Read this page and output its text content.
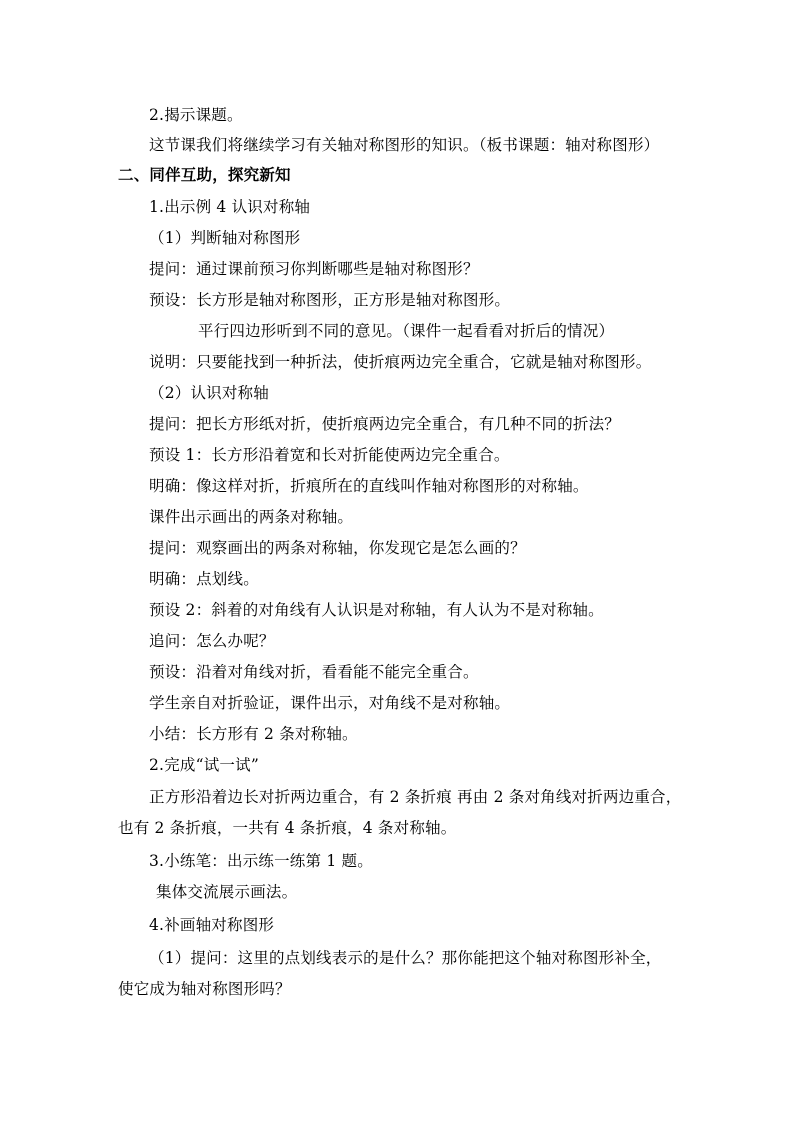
2.揭示课题。
这节课我们将继续学习有关轴对称图形的知识。（板书课题：轴对称图形）
二、同伴互助，探究新知
1.出示例 4 认识对称轴
（1）判断轴对称图形
提问：通过课前预习你判断哪些是轴对称图形？
预设：长方形是轴对称图形，正方形是轴对称图形。
平行四边形听到不同的意见。（课件一起看看对折后的情况）
说明：只要能找到一种折法，使折痕两边完全重合，它就是轴对称图形。
（2）认识对称轴
提问：把长方形纸对折，使折痕两边完全重合，有几种不同的折法？
预设 1：长方形沿着宽和长对折能使两边完全重合。
明确：像这样对折，折痕所在的直线叫作轴对称图形的对称轴。
课件出示画出的两条对称轴。
提问：观察画出的两条对称轴，你发现它是怎么画的？
明确：点划线。
预设 2：斜着的对角线有人认识是对称轴，有人认为不是对称轴。
追问：怎么办呢？
预设：沿着对角线对折，看看能不能完全重合。
学生亲自对折验证，课件出示，对角线不是对称轴。
小结：长方形有 2 条对称轴。
2.完成“试一试”
正方形沿着边长对折两边重合，有 2 条折痕 再由 2 条对角线对折两边重合，
也有 2 条折痕，一共有 4 条折痕，4 条对称轴。
3.小练笔：出示练一练第 1 题。
集体交流展示画法。
4.补画轴对称图形
（1）提问：这里的点划线表示的是什么？那你能把这个轴对称图形补全，
使它成为轴对称图形吗？
